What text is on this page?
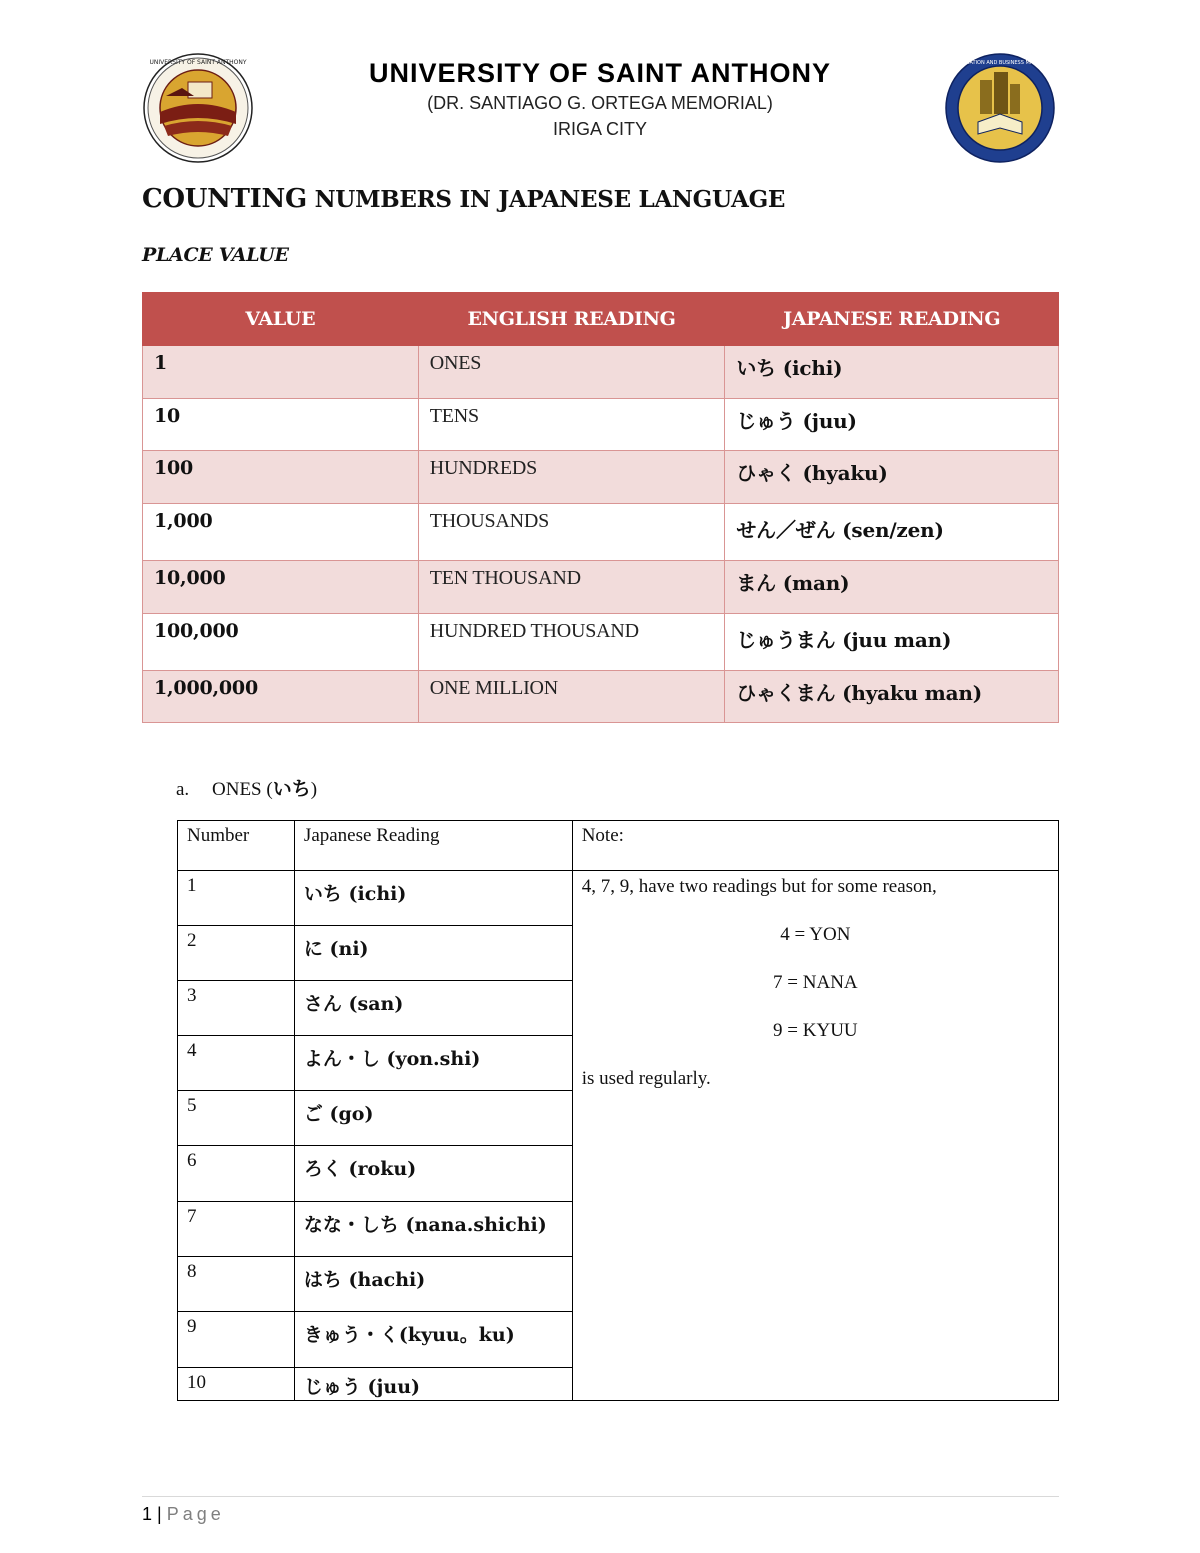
UNIVERSITY OF SAINT ANTHONY	UNIVERSITY OF SAINT ANTHONY
(DR. SANTIAGO G. ORTEGA MEMORIAL)
IRIGA CITY
COLLEGE OF INFORMATION AND BUSINESS MANAGEMENT · USANT
COUNTING NUMBERS IN JAPANESE LANGUAGE
PLACE VALUE
VALUE	ENGLISH READING	JAPANESE READING
1	ONES	いち (ichi)
10	TENS	じゅう (juu)
100	HUNDREDS	ひゃく (hyaku)
1,000	THOUSANDS	せん／ぜん (sen/zen)
10,000	TEN THOUSAND	まん (man)
100,000	HUNDRED THOUSAND	じゅうまん (juu man)
1,000,000	ONE MILLION	ひゃくまん (hyaku man)
a. ONES (いち)
Number	Japanese Reading	Note:
1	いち (ichi)	4, 7, 9, have two readings but for some reason,

4 = YON

7 = NANA

9 = KYUU

is used regularly.

2	に (ni)	
3	さん (san)	
4	よん・し (yon.shi)	
5	ご (go)	
6	ろく (roku)	
7	なな・しち (nana.shichi)	
8	はち (hachi)	
9	きゅう・く(kyuu。ku)	
10	じゅう (juu)	
1 | Page
